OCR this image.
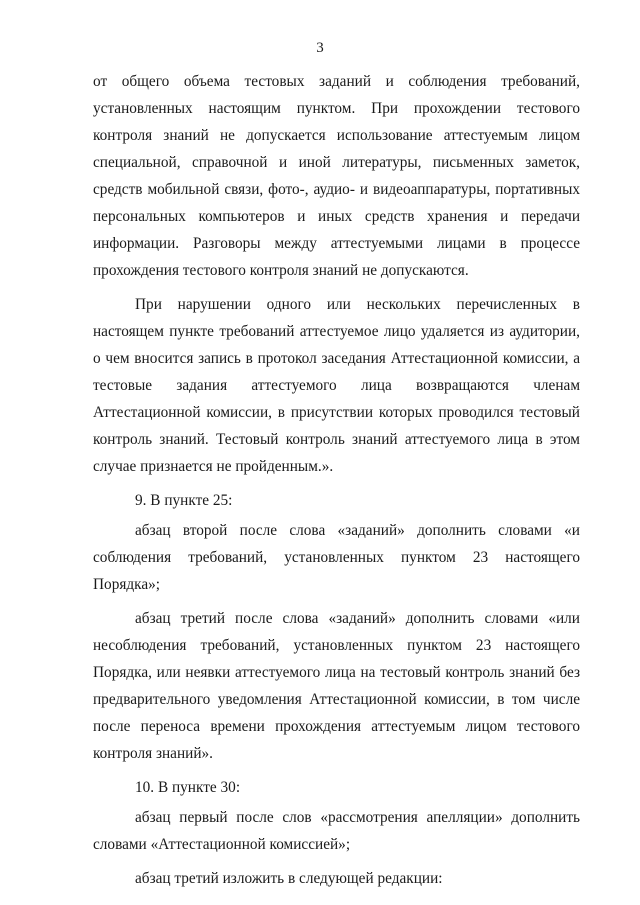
3

от общего объема тестовых заданий и соблюдения требований, установленных настоящим пунктом. При прохождении тестового контроля знаний не допускается использование аттестуемым лицом специальной, справочной и иной литературы, письменных заметок, средств мобильной связи, фото-, аудио- и видеоаппаратуры, портативных персональных компьютеров и иных средств хранения и передачи информации. Разговоры между аттестуемыми лицами в процессе прохождения тестового контроля знаний не допускаются.

При нарушении одного или нескольких перечисленных в настоящем пункте требований аттестуемое лицо удаляется из аудитории, о чем вносится запись в протокол заседания Аттестационной комиссии, а тестовые задания аттестуемого лица возвращаются членам Аттестационной комиссии, в присутствии которых проводился тестовый контроль знаний. Тестовый контроль знаний аттестуемого лица в этом случае признается не пройденным.».

9. В пункте 25:

абзац второй после слова «заданий» дополнить словами «и соблюдения требований, установленных пунктом 23 настоящего Порядка»;

абзац третий после слова «заданий» дополнить словами «или несоблюдения требований, установленных пунктом 23 настоящего Порядка, или неявки аттестуемого лица на тестовый контроль знаний без предварительного уведомления Аттестационной комиссии, в том числе после переноса времени прохождения аттестуемым лицом тестового контроля знаний».

10. В пункте 30:

абзац первый после слов «рассмотрения апелляции» дополнить словами «Аттестационной комиссией»;

абзац третий изложить в следующей редакции:
